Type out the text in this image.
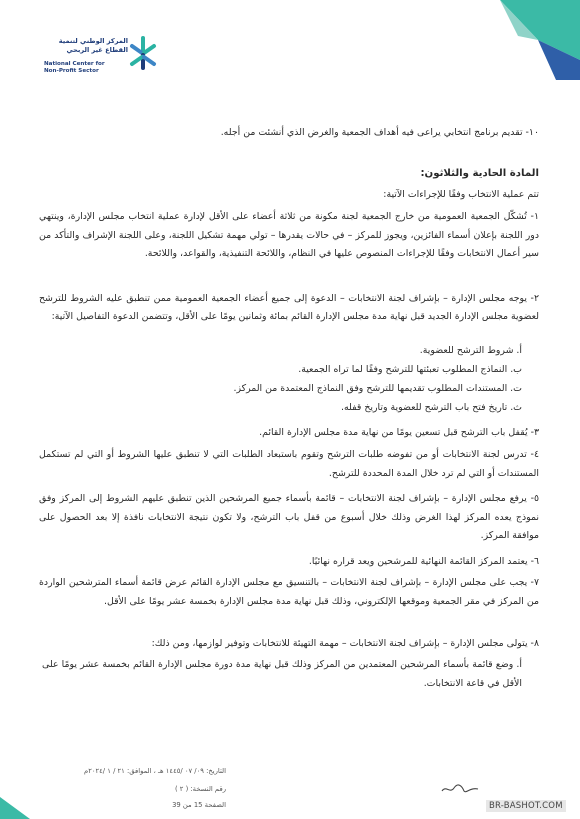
المركز الوطني لتنمية
القطاع غير الربحي
National Center for
Non-Profit Sector
١٠- تقديم برنامج انتخابي يراعى فيه أهداف الجمعية والغرض الذي أنشئت من أجله.
المادة الحادية والثلاثون:
تتم عملية الانتخاب وفقًا للإجراءات الآتية:
١- تُشكّل الجمعية العمومية من خارج الجمعية لجنة مكونة من ثلاثة أعضاء على الأقل لإدارة عملية انتخاب مجلس الإدارة، وينتهي دور اللجنة بإعلان أسماء الفائزين، ويجوز للمركز – في حالات يقدرها – تولي مهمة تشكيل اللجنة، وعلى اللجنة الإشراف والتأكد من سير أعمال الانتخابات وفقًا للإجراءات المنصوص عليها في النظام، واللائحة التنفيذية، والقواعد، واللائحة.
٢- يوجه مجلس الإدارة – بإشراف لجنة الانتخابات – الدعوة إلى جميع أعضاء الجمعية العمومية ممن تنطبق عليه الشروط للترشح لعضوية مجلس الإدارة الجديد قبل نهاية مدة مجلس الإدارة القائم بمائة وثمانين يومًا على الأقل، وتتضمن الدعوة التفاصيل الآتية:
أ. شروط الترشح للعضوية.
ب. النماذج المطلوب تعبئتها للترشح وفقًا لما تراه الجمعية.
ت. المستندات المطلوب تقديمها للترشح وفق النماذج المعتمدة من المركز.
ث. تاريخ فتح باب الترشح للعضوية وتاريخ قفله.
٣- يُقفل باب الترشح قبل تسعين يومًا من نهاية مدة مجلس الإدارة القائم.
٤- تدرس لجنة الانتخابات أو من تفوضه طلبات الترشح وتقوم باستبعاد الطلبات التي لا تنطبق عليها الشروط أو التي لم تستكمل المستندات أو التي لم ترد خلال المدة المحددة للترشح.
٥- يرفع مجلس الإدارة – بإشراف لجنة الانتخابات – قائمة بأسماء جميع المرشحين الذين تنطبق عليهم الشروط إلى المركز وفق نموذج يعده المركز لهذا الغرض وذلك خلال أسبوع من قفل باب الترشح، ولا تكون نتيجة الانتخابات نافذة إلا بعد الحصول على موافقة المركز.
٦- يعتمد المركز القائمة النهائية للمرشحين ويعد قراره نهائيًا.
٧- يجب على مجلس الإدارة – بإشراف لجنة الانتخابات – بالتنسيق مع مجلس الإدارة القائم عرض قائمة أسماء المترشحين الواردة من المركز في مقر الجمعية وموقعها الإلكتروني، وذلك قبل نهاية مدة مجلس الإدارة بخمسة عشر يومًا على الأقل.
٨- يتولى مجلس الإدارة – بإشراف لجنة الانتخابات – مهمة التهيئة للانتخابات وتوفير لوازمها، ومن ذلك:
أ. وضع قائمة بأسماء المرشحين المعتمدين من المركز وذلك قبل نهاية مدة دورة مجلس الإدارة القائم بخمسة عشر يومًا على الأقل في قاعة الانتخابات.
التاريخ: ٠٩/ ٠٧ /١٤٤٥ هـ ، الموافق: ٢١ / ١ /٢٠٢٤م
رقم النسخة: ( ٢ )
الصفحة 15 من 39	BR-BASHOT.COM
